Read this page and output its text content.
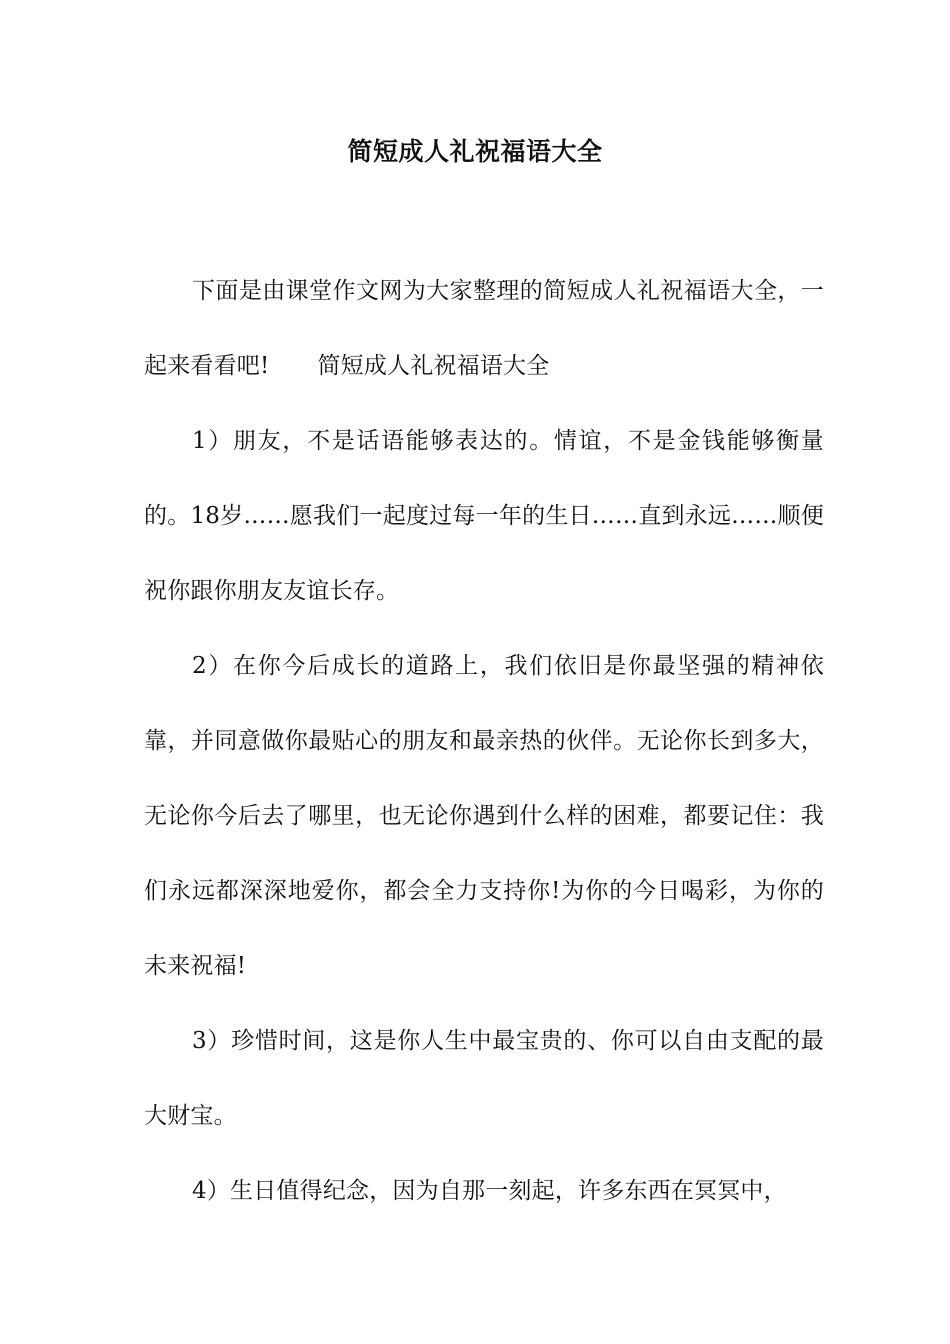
简短成人礼祝福语大全

下面是由课堂作文网为大家整理的简短成人礼祝福语大全，一起来看看吧! 简短成人礼祝福语大全

1）朋友，不是话语能够表达的。情谊，不是金钱能够衡量的。18岁……愿我们一起度过每一年的生日……直到永远……顺便祝你跟你朋友友谊长存。

2）在你今后成长的道路上，我们依旧是你最坚强的精神依靠，并同意做你最贴心的朋友和最亲热的伙伴。无论你长到多大，无论你今后去了哪里，也无论你遇到什么样的困难，都要记住：我们永远都深深地爱你，都会全力支持你!为你的今日喝彩，为你的未来祝福!

3）珍惜时间，这是你人生中最宝贵的、你可以自由支配的最大财宝。

4）生日值得纪念，因为自那一刻起，许多东西在冥冥中，
